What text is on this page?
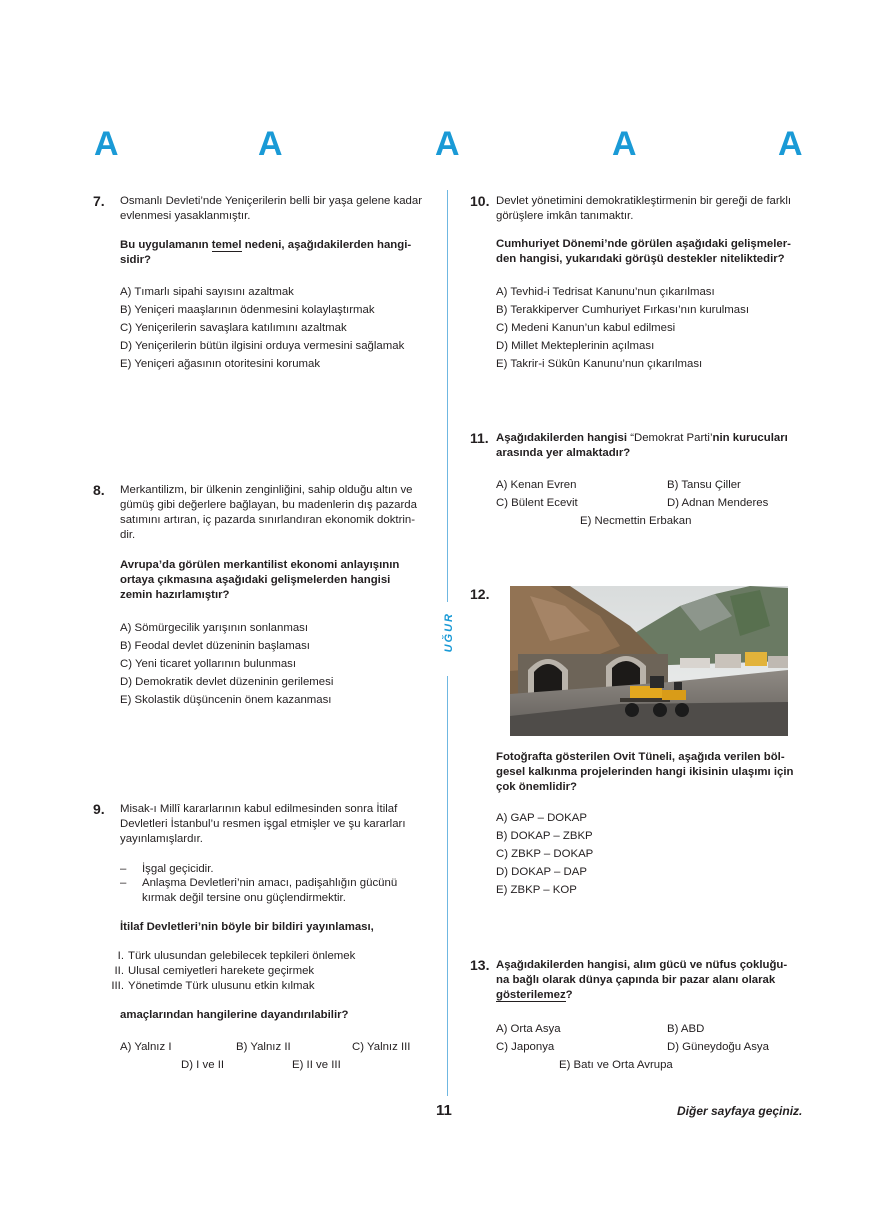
A	A	A	A	A
UĞUR
7. Osmanlı Devleti’nde Yeniçerilerin belli bir yaşa gelene kadar
evlenmesi yasaklanmıştır.
Bu uygulamanın temel nedeni, aşağıdakilerden hangi-
sidir?
A) Tımarlı sipahi sayısını azaltmak
B) Yeniçeri maaşlarının ödenmesini kolaylaştırmak
C) Yeniçerilerin savaşlara katılımını azaltmak
D) Yeniçerilerin bütün ilgisini orduya vermesini sağlamak
E) Yeniçeri ağasının otoritesini korumak
8. Merkantilizm, bir ülkenin zenginliğini, sahip olduğu altın ve
gümüş gibi değerlere bağlayan, bu madenlerin dış pazarda
satımını artıran, iç pazarda sınırlandıran ekonomik doktrin-
dir.
Avrupa’da görülen merkantilist ekonomi anlayışının
ortaya çıkmasına aşağıdaki gelişmelerden hangisi
zemin hazırlamıştır?
A) Sömürgecilik yarışının sonlanması
B) Feodal devlet düzeninin başlaması
C) Yeni ticaret yollarının bulunması
D) Demokratik devlet düzeninin gerilemesi
E) Skolastik düşüncenin önem kazanması
9. Misak-ı Millî kararlarının kabul edilmesinden sonra İtilaf
Devletleri İstanbul’u resmen işgal etmişler ve şu kararları
yayınlamışlardır.
– İşgal geçicidir.
– Anlaşma Devletleri’nin amacı, padişahlığın gücünü
kırmak değil tersine onu güçlendirmektir.
İtilaf Devletleri’nin böyle bir bildiri yayınlaması,
I. Türk ulusundan gelebilecek tepkileri önlemek
II. Ulusal cemiyetleri harekete geçirmek
III. Yönetimde Türk ulusunu etkin kılmak
amaçlarından hangilerine dayandırılabilir?
A) Yalnız I	B) Yalnız II	C) Yalnız III
D) I ve II	E) II ve III
10. Devlet yönetimini demokratikleştirmenin bir gereği de farklı
görüşlere imkân tanımaktır.
Cumhuriyet Dönemi’nde görülen aşağıdaki gelişmeler-
den hangisi, yukarıdaki görüşü destekler niteliktedir?
A) Tevhid-i Tedrisat Kanunu’nun çıkarılması
B) Terakkiperver Cumhuriyet Fırkası’nın kurulması
C) Medeni Kanun’un kabul edilmesi
D) Millet Mekteplerinin açılması
E) Takrir-i Sükûn Kanunu’nun çıkarılması
11. Aşağıdakilerden hangisi “Demokrat Parti’nin kurucuları
arasında yer almaktadır?
A) Kenan Evren	B) Tansu Çiller
C) Bülent Ecevit	D) Adnan Menderes
E) Necmettin Erbakan
12.
Fotoğrafta gösterilen Ovit Tüneli, aşağıda verilen böl-
gesel kalkınma projelerinden hangi ikisinin ulaşımı için
çok önemlidir?
A) GAP – DOKAP
B) DOKAP – ZBKP
C) ZBKP – DOKAP
D) DOKAP – DAP
E) ZBKP – KOP
13. Aşağıdakilerden hangisi, alım gücü ve nüfus çokluğu-
na bağlı olarak dünya çapında bir pazar alanı olarak
gösterilemez?
A) Orta Asya	B) ABD
C) Japonya	D) Güneydoğu Asya
E) Batı ve Orta Avrupa
11	Diğer sayfaya geçiniz.
